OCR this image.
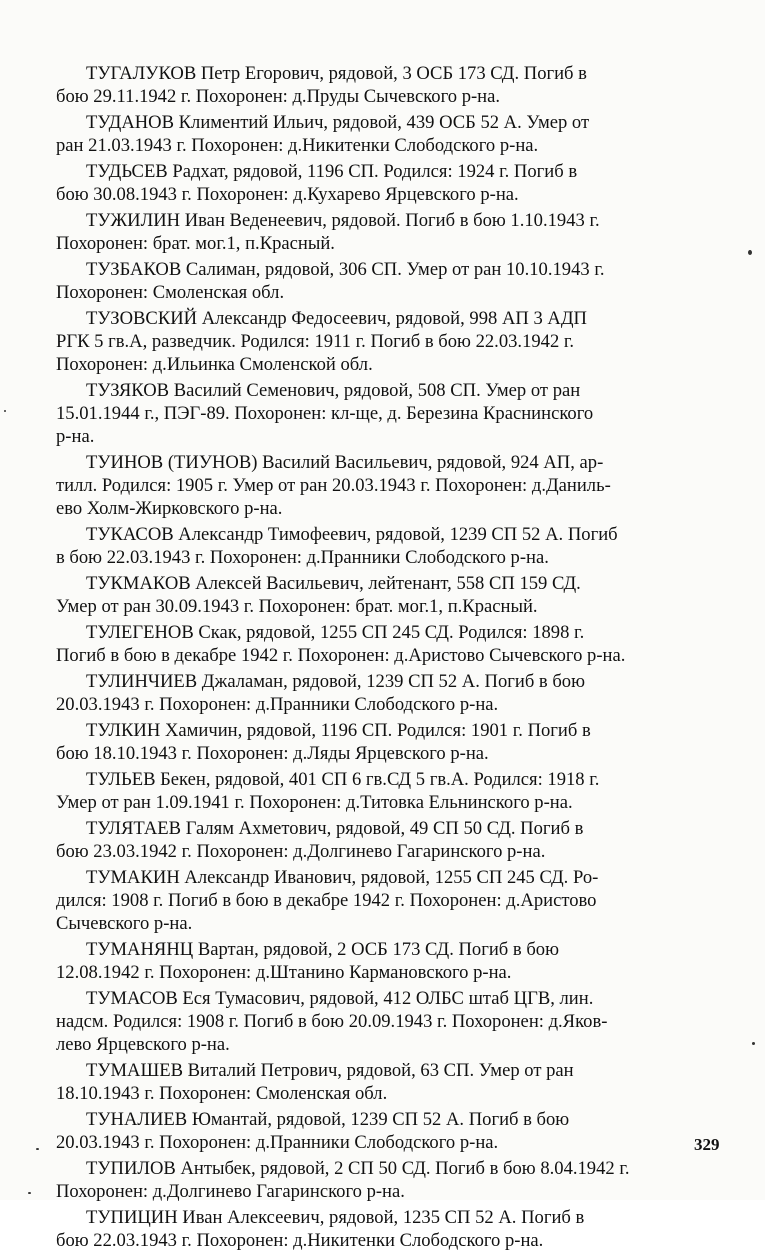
ТУГАЛУКОВ Петр Егорович, рядовой, 3 ОСБ 173 СД. Погиб в
бою 29.11.1942 г. Похоронен: д.Пруды Сычевского р-на.
ТУДАНОВ Климентий Ильич, рядовой, 439 ОСБ 52 А. Умер от
ран 21.03.1943 г. Похоронен: д.Никитенки Слободского р-на.
ТУДЬСЕВ Радхат, рядовой, 1196 СП. Родился: 1924 г. Погиб в
бою 30.08.1943 г. Похоронен: д.Кухарево Ярцевского р-на.
ТУЖИЛИН Иван Веденеевич, рядовой. Погиб в бою 1.10.1943 г.
Похоронен: брат. мог.1, п.Красный.
ТУЗБАКОВ Салиман, рядовой, 306 СП. Умер от ран 10.10.1943 г.
Похоронен: Смоленская обл.
ТУЗОВСКИЙ Александр Федосеевич, рядовой, 998 АП 3 АДП
РГК 5 гв.А, разведчик. Родился: 1911 г. Погиб в бою 22.03.1942 г.
Похоронен: д.Ильинка Смоленской обл.
ТУЗЯКОВ Василий Семенович, рядовой, 508 СП. Умер от ран
15.01.1944 г., ПЭГ-89. Похоронен: кл-ще, д. Березина Краснинского
р-на.
ТУИНОВ (ТИУНОВ) Василий Васильевич, рядовой, 924 АП, ар-
тилл. Родился: 1905 г. Умер от ран 20.03.1943 г. Похоронен: д.Даниль-
ево Холм-Жирковского р-на.
ТУКАСОВ Александр Тимофеевич, рядовой, 1239 СП 52 А. Погиб
в бою 22.03.1943 г. Похоронен: д.Пранники Слободского р-на.
ТУКМАКОВ Алексей Васильевич, лейтенант, 558 СП 159 СД.
Умер от ран 30.09.1943 г. Похоронен: брат. мог.1, п.Красный.
ТУЛЕГЕНОВ Скак, рядовой, 1255 СП 245 СД. Родился: 1898 г.
Погиб в бою в декабре 1942 г. Похоронен: д.Аристово Сычевского р-на.
ТУЛИНЧИЕВ Джаламан, рядовой, 1239 СП 52 А. Погиб в бою
20.03.1943 г. Похоронен: д.Пранники Слободского р-на.
ТУЛКИН Хамичин, рядовой, 1196 СП. Родился: 1901 г. Погиб в
бою 18.10.1943 г. Похоронен: д.Ляды Ярцевского р-на.
ТУЛЬЕВ Бекен, рядовой, 401 СП 6 гв.СД 5 гв.А. Родился: 1918 г.
Умер от ран 1.09.1941 г. Похоронен: д.Титовка Ельнинского р-на.
ТУЛЯТАЕВ Галям Ахметович, рядовой, 49 СП 50 СД. Погиб в
бою 23.03.1942 г. Похоронен: д.Долгинево Гагаринского р-на.
ТУМАКИН Александр Иванович, рядовой, 1255 СП 245 СД. Ро-
дился: 1908 г. Погиб в бою в декабре 1942 г. Похоронен: д.Аристово
Сычевского р-на.
ТУМАНЯНЦ Вартан, рядовой, 2 ОСБ 173 СД. Погиб в бою
12.08.1942 г. Похоронен: д.Штанино Кармановского р-на.
ТУМАСОВ Еся Тумасович, рядовой, 412 ОЛБС штаб ЦГВ, лин.
надсм. Родился: 1908 г. Погиб в бою 20.09.1943 г. Похоронен: д.Яков-
лево Ярцевского р-на.
ТУМАШЕВ Виталий Петрович, рядовой, 63 СП. Умер от ран
18.10.1943 г. Похоронен: Смоленская обл.
ТУНАЛИЕВ Юмантай, рядовой, 1239 СП 52 А. Погиб в бою
20.03.1943 г. Похоронен: д.Пранники Слободского р-на.
ТУПИЛОВ Антыбек, рядовой, 2 СП 50 СД. Погиб в бою 8.04.1942 г.
Похоронен: д.Долгинево Гагаринского р-на.
ТУПИЦИН Иван Алексеевич, рядовой, 1235 СП 52 А. Погиб в
бою 22.03.1943 г. Похоронен: д.Никитенки Слободского р-на.
329
